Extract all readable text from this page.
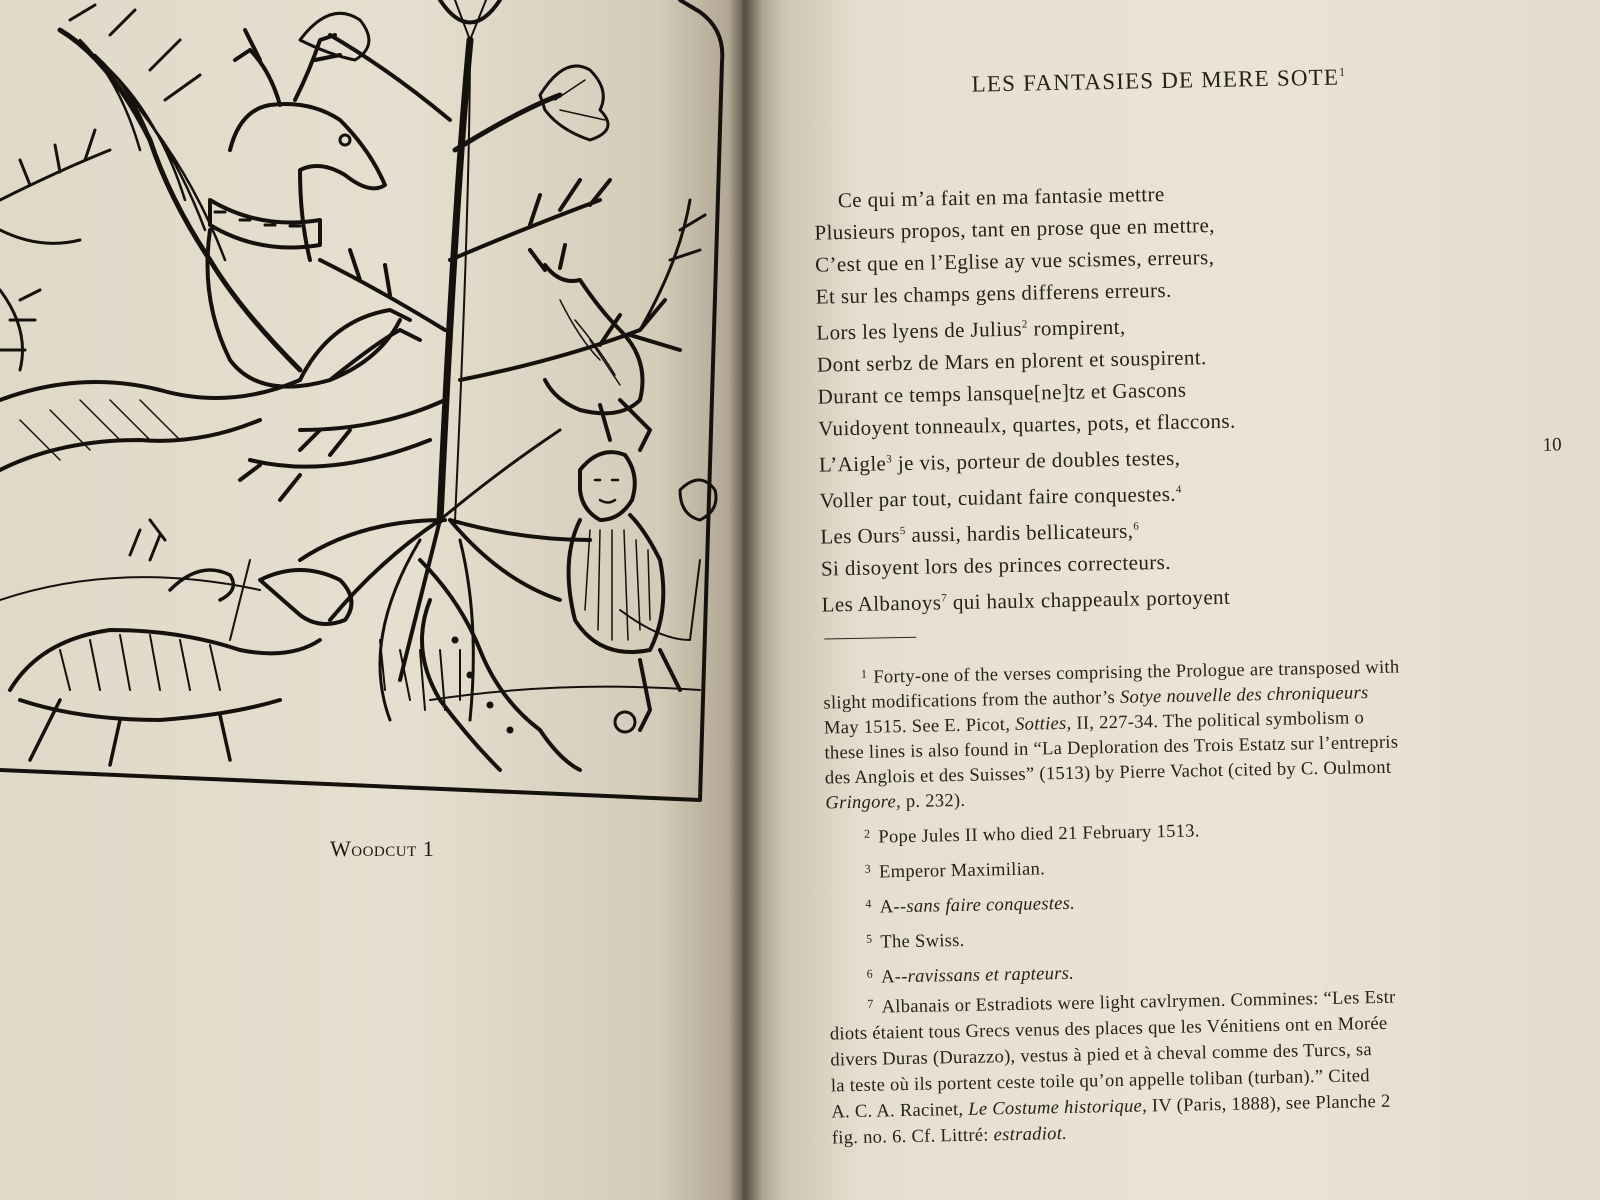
Woodcut 1
LES FANTASIES DE MERE SOTE$^1$
Ce qui m’a fait en ma fantasie mettre
Plusieurs propos, tant en prose que en mettre,
C’est que en l’Eglise ay vue scismes, erreurs,
Et sur les champs gens differens erreurs.
Lors les lyens de Julius$^2$ rompirent,
Dont serbz de Mars en plorent et souspirent.
Durant ce temps lansque[ne]tz et Gascons
Vuidoyent tonneaulx, quartes, pots, et flaccons.
L’Aigle$^3$ je vis, porteur de doubles testes,
Voller par tout, cuidant faire conquestes.$^4$
Les Ours$^5$ aussi, hardis bellicateurs,$^6$
Si disoyent lors des princes correcteurs.
Les Albanoys$^7$ qui haulx chappeaulx portoyent
10
$^1$ Forty-one of the verses comprising the Prologue are transposed with
slight modifications from the author’s Sotye nouvelle des chroniqueurs
May 1515. See E. Picot, Sotties, II, 227-34. The political symbolism o
these lines is also found in “La Deploration des Trois Estatz sur l’entrepris
des Anglois et des Suisses” (1513) by Pierre Vachot (cited by C. Oulmont
Gringore, p. 232).
$^2$ Pope Jules II who died 21 February 1513.
$^3$ Emperor Maximilian.
$^4$ A--sans faire conquestes.
$^5$ The Swiss.
$^6$ A--ravissans et rapteurs.
$^7$ Albanais or Estradiots were light cavlrymen. Commines: “Les Estr
diots étaient tous Grecs venus des places que les Vénitiens ont en Morée
divers Duras (Durazzo), vestus à pied et à cheval comme des Turcs, sa
la teste où ils portent ceste toile qu’on appelle toliban (turban).” Cited
A. C. A. Racinet, Le Costume historique, IV (Paris, 1888), see Planche 2
fig. no. 6. Cf. Littré: estradiot.
